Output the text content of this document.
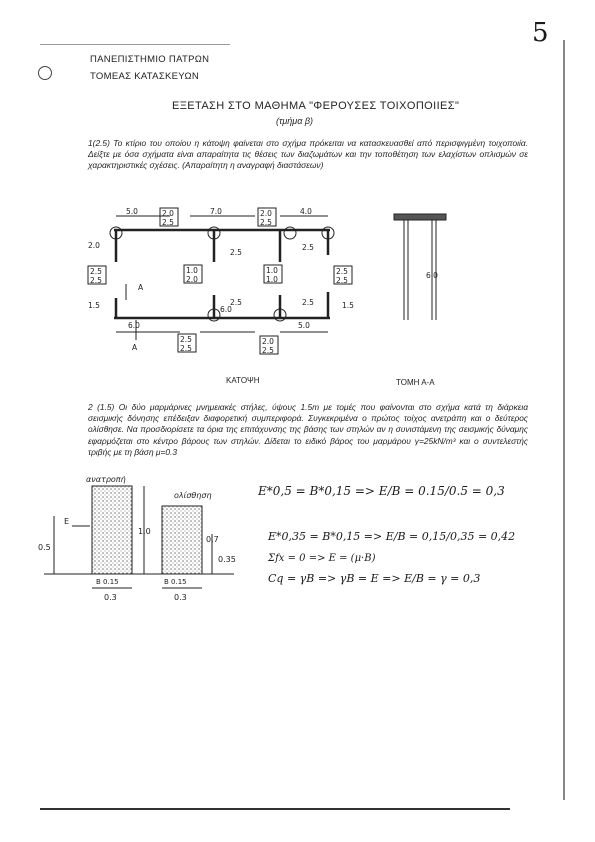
5
ΠΑΝΕΠΙΣΤΗΜΙΟ ΠΑΤΡΩΝ
ΤΟΜΕΑΣ ΚΑΤΑΣΚΕΥΩΝ
ΕΞΕΤΑΣΗ ΣΤΟ ΜΑΘΗΜΑ "ΦΕΡΟΥΣΕΣ ΤΟΙΧΟΠΟΙΙΕΣ"
(τμήμα β)
1(2.5) Το κτίριο του οποίου η κάτοψη φαίνεται στο σχήμα πρόκειται να κατασκευασθεί από περισφιγμένη τοιχοποιία. Δείξτε με όσα σχήματα είναι απαραίτητα τις θέσεις των διαζωμάτων και την τοποθέτηση των ελαχίστων οπλισμών σε χαρακτηριστικές σχέσεις. (Απαραίτητη η αναγραφή διαστάσεων)
5.0	7.0	4.0
2.0
2.5
2.0
2.5
2.0
2.5
2.5
1.5
2.5
2.5
1.0
2.0
1.0
1.0
2.5
2.5
2.5	2.5	1.5
6.0
6.0
5.0
2.5
2.5
2.0
2.5
A
A
6.0
ΚΑΤΟΨΗ	ΤΟΜΗ Α-Α
2 (1.5) Οι δύο μαρμάρινες μνημειακές στήλες, ύψους 1.5m με τομές που φαίνονται στο σχήμα κατά τη διάρκεια σεισμικής δόνησης επέδειξαν διαφορετική συμπεριφορά. Συγκεκριμένα ο πρώτος τοίχος ανετράπη και ο δεύτερος ολίσθησε. Να προσδιορίσετε τα όρια της επιτάχυνσης της βάσης των στηλών αν η συνιστάμενη της σεισμικής δύναμης εφαρμόζεται στο κέντρο βάρους των στηλών. Δίδεται το ειδικό βάρος του μαρμάρου γ=25kN/m³ και ο συντελεστής τριβής με τη βάση μ=0.3
ανατροπή
ολίσθηση
E
0.5
1.0
0.7
0.35
B 0.15	B 0.15
0.3	0.3
E*0,5 = B*0,15 => E/B = 0.15/0.5 = 0,3
E*0,35 = B*0,15 => E/B = 0,15/0,35 = 0,42
Σfx = 0 => E = (μ·B)
Cq = γB => γB = E => E/B = γ = 0,3
